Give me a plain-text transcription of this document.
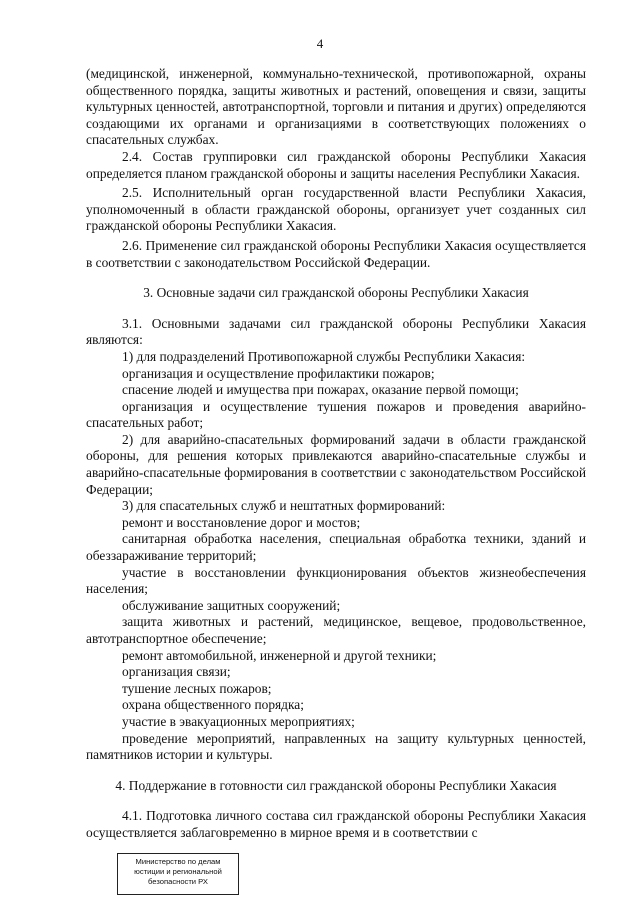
4

(медицинской, инженерной, коммунально-технической, противопожарной, охраны общественного порядка, защиты животных и растений, оповещения и связи, защиты культурных ценностей, автотранспортной, торговли и питания и других) определяются создающими их органами и организациями в соответствующих положениях о спасательных службах.

2.4. Состав группировки сил гражданской обороны Республики Хакасия определяется планом гражданской обороны и защиты населения Республики Хакасия.

2.5. Исполнительный орган государственной власти Республики Хакасия, уполномоченный в области гражданской обороны, организует учет созданных сил гражданской обороны Республики Хакасия.

2.6. Применение сил гражданской обороны Республики Хакасия осуществляется в соответствии с законодательством Российской Федерации.

3. Основные задачи сил гражданской обороны Республики Хакасия

3.1. Основными задачами сил гражданской обороны Республики Хакасия являются:

1) для подразделений Противопожарной службы Республики Хакасия:

организация и осуществление профилактики пожаров;

спасение людей и имущества при пожарах, оказание первой помощи;

организация и осуществление тушения пожаров и проведения аварийно-спасательных работ;

2) для аварийно-спасательных формирований задачи в области гражданской обороны, для решения которых привлекаются аварийно-спасательные службы и аварийно-спасательные формирования в соответствии с законодательством Российской Федерации;

3) для спасательных служб и нештатных формирований:

ремонт и восстановление дорог и мостов;

санитарная обработка населения, специальная обработка техники, зданий и обеззараживание территорий;

участие в восстановлении функционирования объектов жизнеобеспечения населения;

обслуживание защитных сооружений;

защита животных и растений, медицинское, вещевое, продовольственное, автотранспортное обеспечение;

ремонт автомобильной, инженерной и другой техники;

организация связи;

тушение лесных пожаров;

охрана общественного порядка;

участие в эвакуационных мероприятиях;

проведение мероприятий, направленных на защиту культурных ценностей, памятников истории и культуры.

4. Поддержание в готовности сил гражданской обороны Республики Хакасия

4.1. Подготовка личного состава сил гражданской обороны Республики Хакасия осуществляется заблаговременно в мирное время и в соответствии с

Министерство по делам
юстиции и региональной
безопасности РХ
